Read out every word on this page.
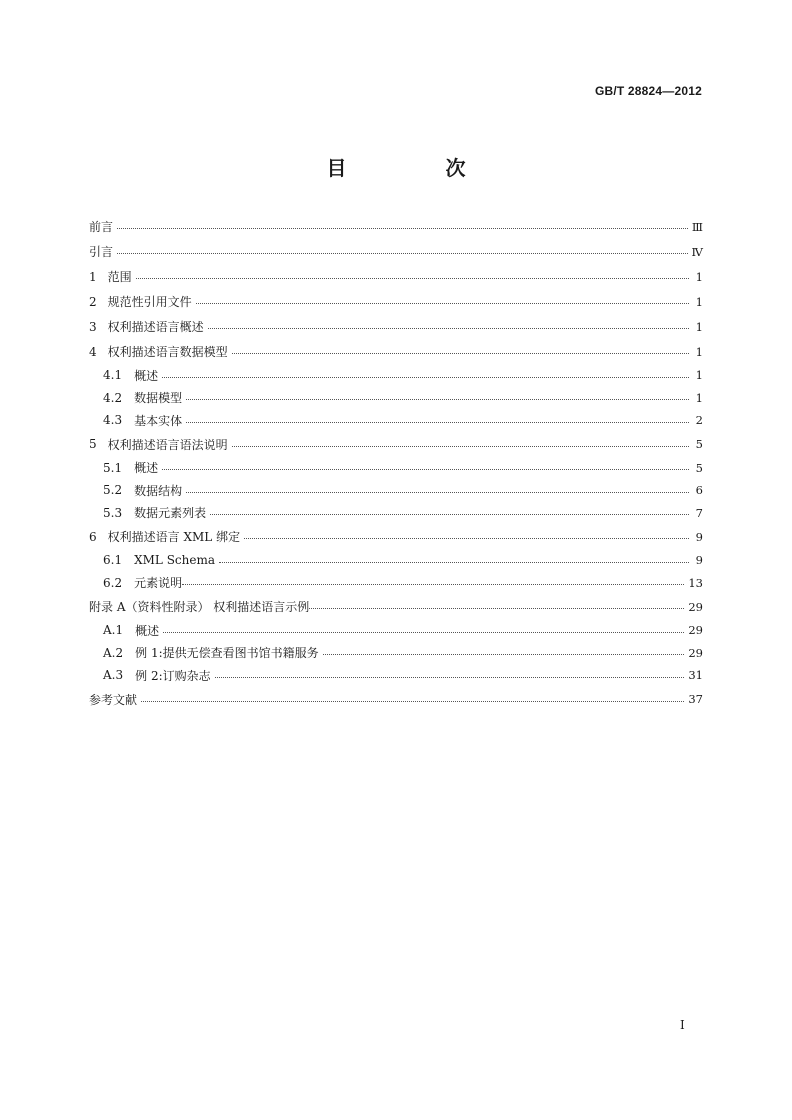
GB/T 28824—2012
目 次
前言	Ⅲ
引言	Ⅳ
1 范围	1
2 规范性引用文件	1
3 权利描述语言概述	1
4 权利描述语言数据模型	1
4.1 概述	1
4.2 数据模型	1
4.3 基本实体	2
5 权利描述语言语法说明	5
5.1 概述	5
5.2 数据结构	6
5.3 数据元素列表	7
6 权利描述语言 XML 绑定	9
6.1 XML Schema	9
6.2 元素说明	13
附录 A（资料性附录） 权利描述语言示例	29
A.1 概述	29
A.2 例 1:提供无偿查看图书馆书籍服务	29
A.3 例 2:订购杂志	31
参考文献	37
I
